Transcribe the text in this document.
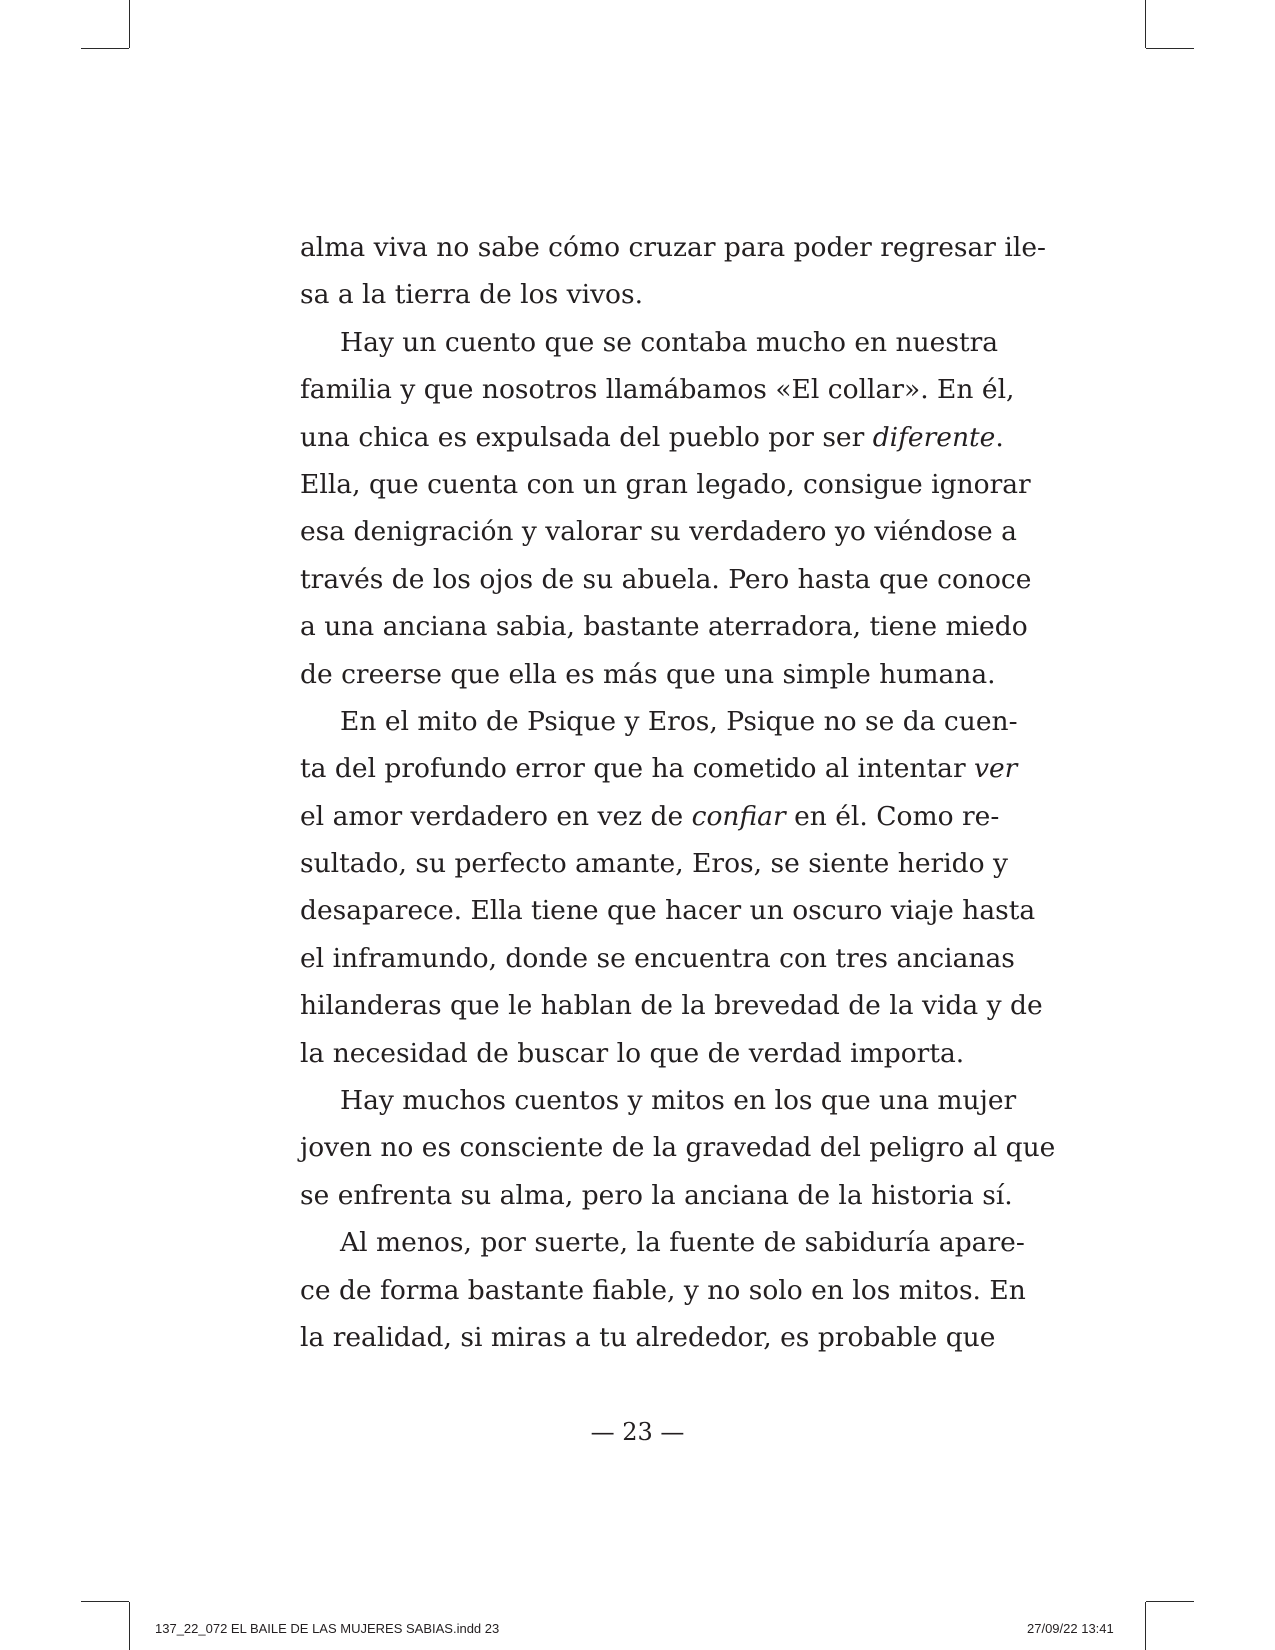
alma viva no sabe cómo cruzar para poder regresar ile-
sa a la tierra de los vivos.
Hay un cuento que se contaba mucho en nuestra
familia y que nosotros llamábamos «El collar». En él,
una chica es expulsada del pueblo por ser diferente.
Ella, que cuenta con un gran legado, consigue ignorar
esa denigración y valorar su verdadero yo viéndose a
través de los ojos de su abuela. Pero hasta que conoce
a una anciana sabia, bastante aterradora, tiene miedo
de creerse que ella es más que una simple humana.
En el mito de Psique y Eros, Psique no se da cuen-
ta del profundo error que ha cometido al intentar ver
el amor verdadero en vez de confiar en él. Como re-
sultado, su perfecto amante, Eros, se siente herido y
desaparece. Ella tiene que hacer un oscuro viaje hasta
el inframundo, donde se encuentra con tres ancianas
hilanderas que le hablan de la brevedad de la vida y de
la necesidad de buscar lo que de verdad importa.
Hay muchos cuentos y mitos en los que una mujer
joven no es consciente de la gravedad del peligro al que
se enfrenta su alma, pero la anciana de la historia sí.
Al menos, por suerte, la fuente de sabiduría apare-
ce de forma bastante fiable, y no solo en los mitos. En
la realidad, si miras a tu alrededor, es probable que
— 23 —
137_22_072 EL BAILE DE LAS MUJERES SABIAS.indd 23	27/09/22 13:41
